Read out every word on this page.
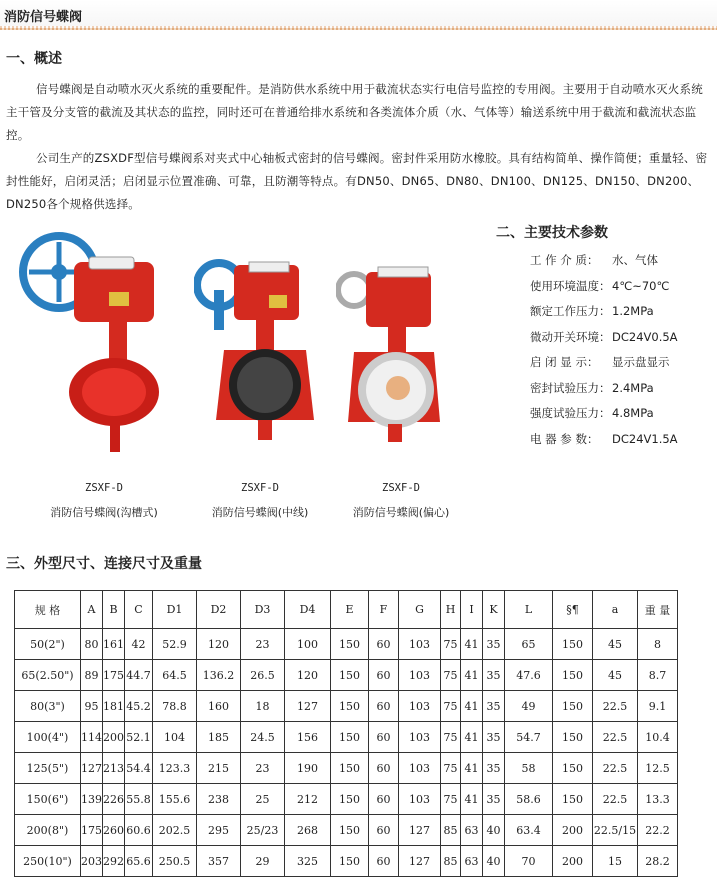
消防信号蝶阀
一、概述
信号蝶阀是自动喷水灭火系统的重要配件。是消防供水系统中用于截流状态实行电信号监控的专用阀。主要用于自动喷水灭火系统主干管及分支管的截流及其状态的监控，同时还可在普通给排水系统和各类流体介质（水、气体等）输送系统中用于截流和截流状态监控。
公司生产的ZSXDF型信号蝶阀系对夹式中心轴板式密封的信号蝶阀。密封件采用防水橡胶。具有结构简单、操作简便；重量轻、密封性能好，启闭灵活；启闭显示位置准确、可靠，且防潮等特点。有DN50、DN65、DN80、DN100、DN125、DN150、DN200、DN250各个规格供选择。
ZSXF-D
消防信号蝶阀(沟槽式)
ZSXF-D
消防信号蝶阀(中线)
ZSXF-D
消防信号蝶阀(偏心)
二、主要技术参数
工 作 介 质： 水、气体
使用环境温度： 4℃~70℃
额定工作压力： 1.2MPa
微动开关环境： DC24V0.5A
启 闭 显 示： 显示盘显示
密封试验压力： 2.4MPa
强度试验压力： 4.8MPa
电 器 参 数： DC24V1.5A
三、外型尺寸、连接尺寸及重量
规 格	A	B	C	D1	D2	D3	D4	E	F	G	H	I	K	L	§¶	a	重 量
50(2")	80	161	42	52.9	120	23	100	150	60	103	75	41	35	65	150	45	8
65(2.50")	89	175	44.7	64.5	136.2	26.5	120	150	60	103	75	41	35	47.6	150	45	8.7
80(3")	95	181	45.2	78.8	160	18	127	150	60	103	75	41	35	49	150	22.5	9.1
100(4")	114	200	52.1	104	185	24.5	156	150	60	103	75	41	35	54.7	150	22.5	10.4
125(5")	127	213	54.4	123.3	215	23	190	150	60	103	75	41	35	58	150	22.5	12.5
150(6")	139	226	55.8	155.6	238	25	212	150	60	103	75	41	35	58.6	150	22.5	13.3
200(8")	175	260	60.6	202.5	295	25/23	268	150	60	127	85	63	40	63.4	200	22.5/15	22.2
250(10")	203	292	65.6	250.5	357	29	325	150	60	127	85	63	40	70	200	15	28.2
